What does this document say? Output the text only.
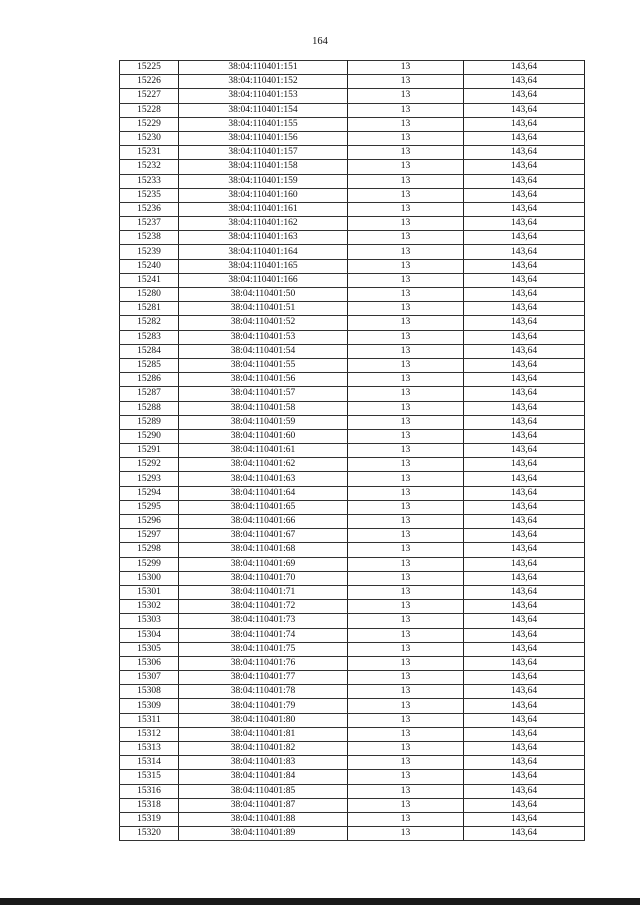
164
15225	38:04:110401:151	13	143,64
15226	38:04:110401:152	13	143,64
15227	38:04:110401:153	13	143,64
15228	38:04:110401:154	13	143,64
15229	38:04:110401:155	13	143,64
15230	38:04:110401:156	13	143,64
15231	38:04:110401:157	13	143,64
15232	38:04:110401:158	13	143,64
15233	38:04:110401:159	13	143,64
15235	38:04:110401:160	13	143,64
15236	38:04:110401:161	13	143,64
15237	38:04:110401:162	13	143,64
15238	38:04:110401:163	13	143,64
15239	38:04:110401:164	13	143,64
15240	38:04:110401:165	13	143,64
15241	38:04:110401:166	13	143,64
15280	38:04:110401:50	13	143,64
15281	38:04:110401:51	13	143,64
15282	38:04:110401:52	13	143,64
15283	38:04:110401:53	13	143,64
15284	38:04:110401:54	13	143,64
15285	38:04:110401:55	13	143,64
15286	38:04:110401:56	13	143,64
15287	38:04:110401:57	13	143,64
15288	38:04:110401:58	13	143,64
15289	38:04:110401:59	13	143,64
15290	38:04:110401:60	13	143,64
15291	38:04:110401:61	13	143,64
15292	38:04:110401:62	13	143,64
15293	38:04:110401:63	13	143,64
15294	38:04:110401:64	13	143,64
15295	38:04:110401:65	13	143,64
15296	38:04:110401:66	13	143,64
15297	38:04:110401:67	13	143,64
15298	38:04:110401:68	13	143,64
15299	38:04:110401:69	13	143,64
15300	38:04:110401:70	13	143,64
15301	38:04:110401:71	13	143,64
15302	38:04:110401:72	13	143,64
15303	38:04:110401:73	13	143,64
15304	38:04:110401:74	13	143,64
15305	38:04:110401:75	13	143,64
15306	38:04:110401:76	13	143,64
15307	38:04:110401:77	13	143,64
15308	38:04:110401:78	13	143,64
15309	38:04:110401:79	13	143,64
15311	38:04:110401:80	13	143,64
15312	38:04:110401:81	13	143,64
15313	38:04:110401:82	13	143,64
15314	38:04:110401:83	13	143,64
15315	38:04:110401:84	13	143,64
15316	38:04:110401:85	13	143,64
15318	38:04:110401:87	13	143,64
15319	38:04:110401:88	13	143,64
15320	38:04:110401:89	13	143,64
